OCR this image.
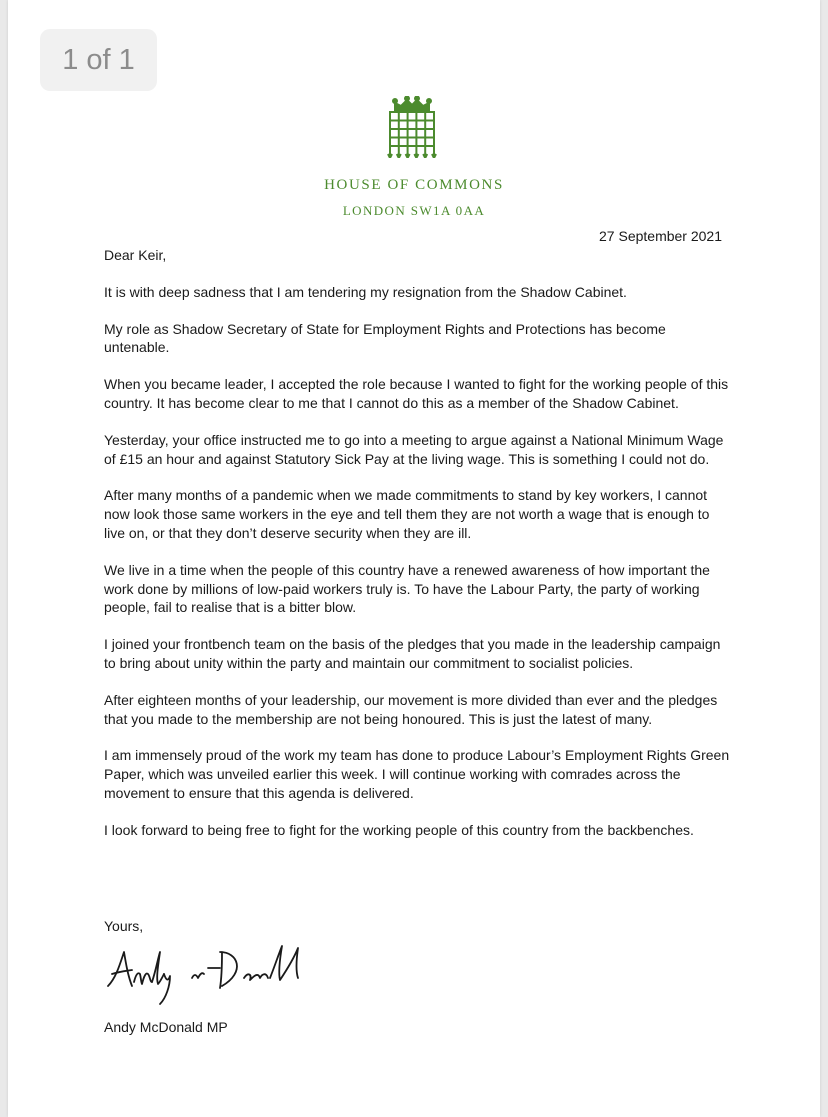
1 of 1
HOUSE OF COMMONS
LONDON SW1A 0AA
27 September 2021

Dear Keir,

It is with deep sadness that I am tendering my resignation from the Shadow Cabinet.

My role as Shadow Secretary of State for Employment Rights and Protections has become untenable.

When you became leader, I accepted the role because I wanted to fight for the working people of this country. It has become clear to me that I cannot do this as a member of the Shadow Cabinet.

Yesterday, your office instructed me to go into a meeting to argue against a National Minimum Wage of £15 an hour and against Statutory Sick Pay at the living wage. This is something I could not do.

After many months of a pandemic when we made commitments to stand by key workers, I cannot now look those same workers in the eye and tell them they are not worth a wage that is enough to live on, or that they don’t deserve security when they are ill.

We live in a time when the people of this country have a renewed awareness of how important the work done by millions of low-paid workers truly is. To have the Labour Party, the party of working people, fail to realise that is a bitter blow.

I joined your frontbench team on the basis of the pledges that you made in the leadership campaign to bring about unity within the party and maintain our commitment to socialist policies.

After eighteen months of your leadership, our movement is more divided than ever and the pledges that you made to the membership are not being honoured. This is just the latest of many.

I am immensely proud of the work my team has done to produce Labour’s Employment Rights Green Paper, which was unveiled earlier this week. I will continue working with comrades across the movement to ensure that this agenda is delivered.

I look forward to being free to fight for the working people of this country from the backbenches.

Yours,
Andy McDonald MP
